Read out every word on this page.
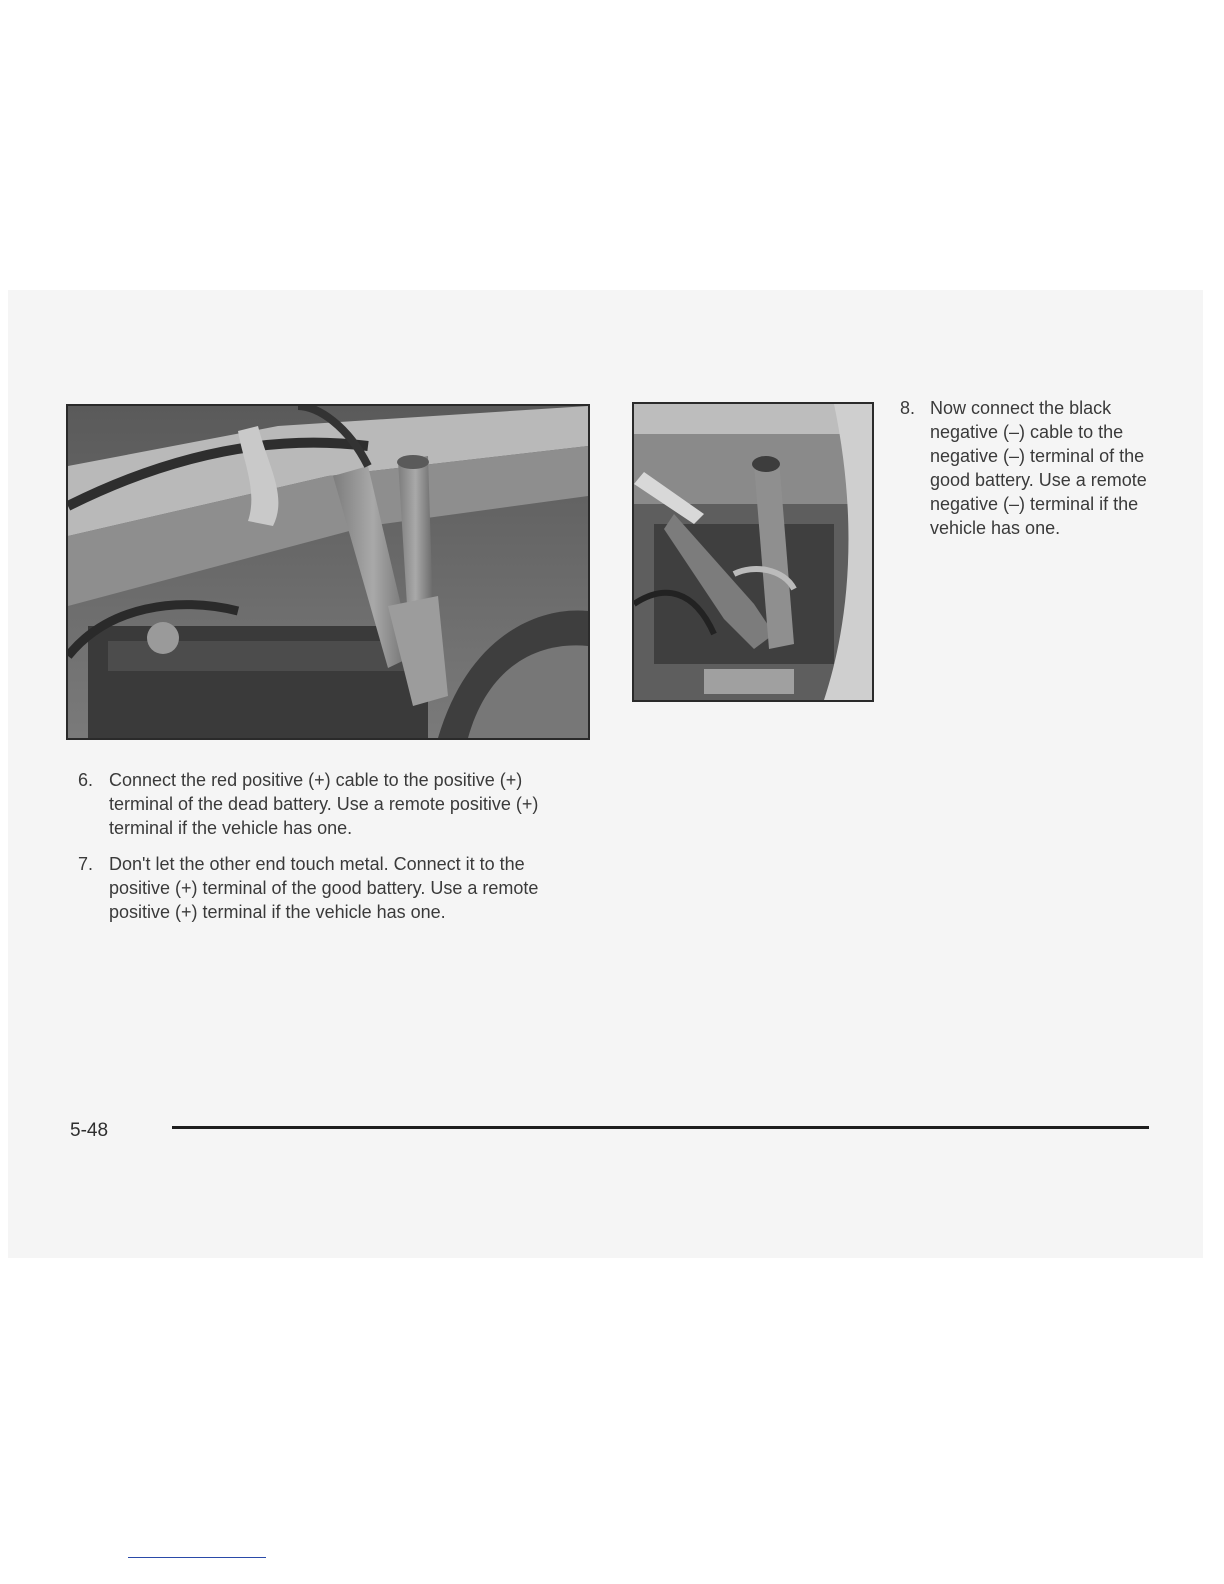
6. Connect the red positive (+) cable to the positive (+) terminal of the dead battery. Use a remote positive (+) terminal if the vehicle has one.

7. Don't let the other end touch metal. Connect it to the positive (+) terminal of the good battery. Use a remote positive (+) terminal if the vehicle has one.

8. Now connect the black negative (–) cable to the negative (–) terminal of the good battery. Use a remote negative (–) terminal if the vehicle has one.

5-48
